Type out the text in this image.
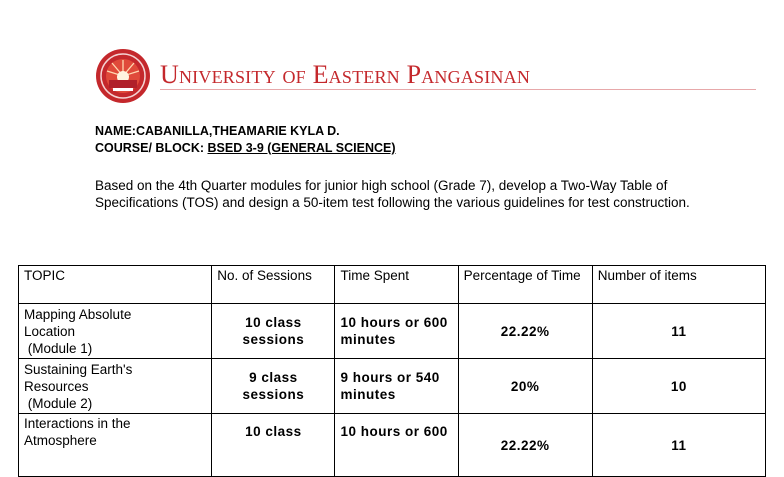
University of Eastern Pangasinan
NAME:CABANILLA,THEAMARIE KYLA D.
COURSE/ BLOCK: BSED 3-9 (GENERAL SCIENCE)
Based on the 4th Quarter modules for junior high school (Grade 7), develop a Two-Way Table of Specifications (TOS) and design a 50-item test following the various guidelines for test construction.
TOPIC	No. of Sessions	Time Spent	Percentage of Time	Number of items

Mapping Absolute
Location
(Module 1)	10 class sessions	10 hours or 600 minutes	22.22%	11

Sustaining Earth's
Resources
(Module 2)	9 class sessions	9 hours or 540 minutes	20%	10

Interactions in the
Atmosphere	10 class	10 hours or 600	22.22%	11
